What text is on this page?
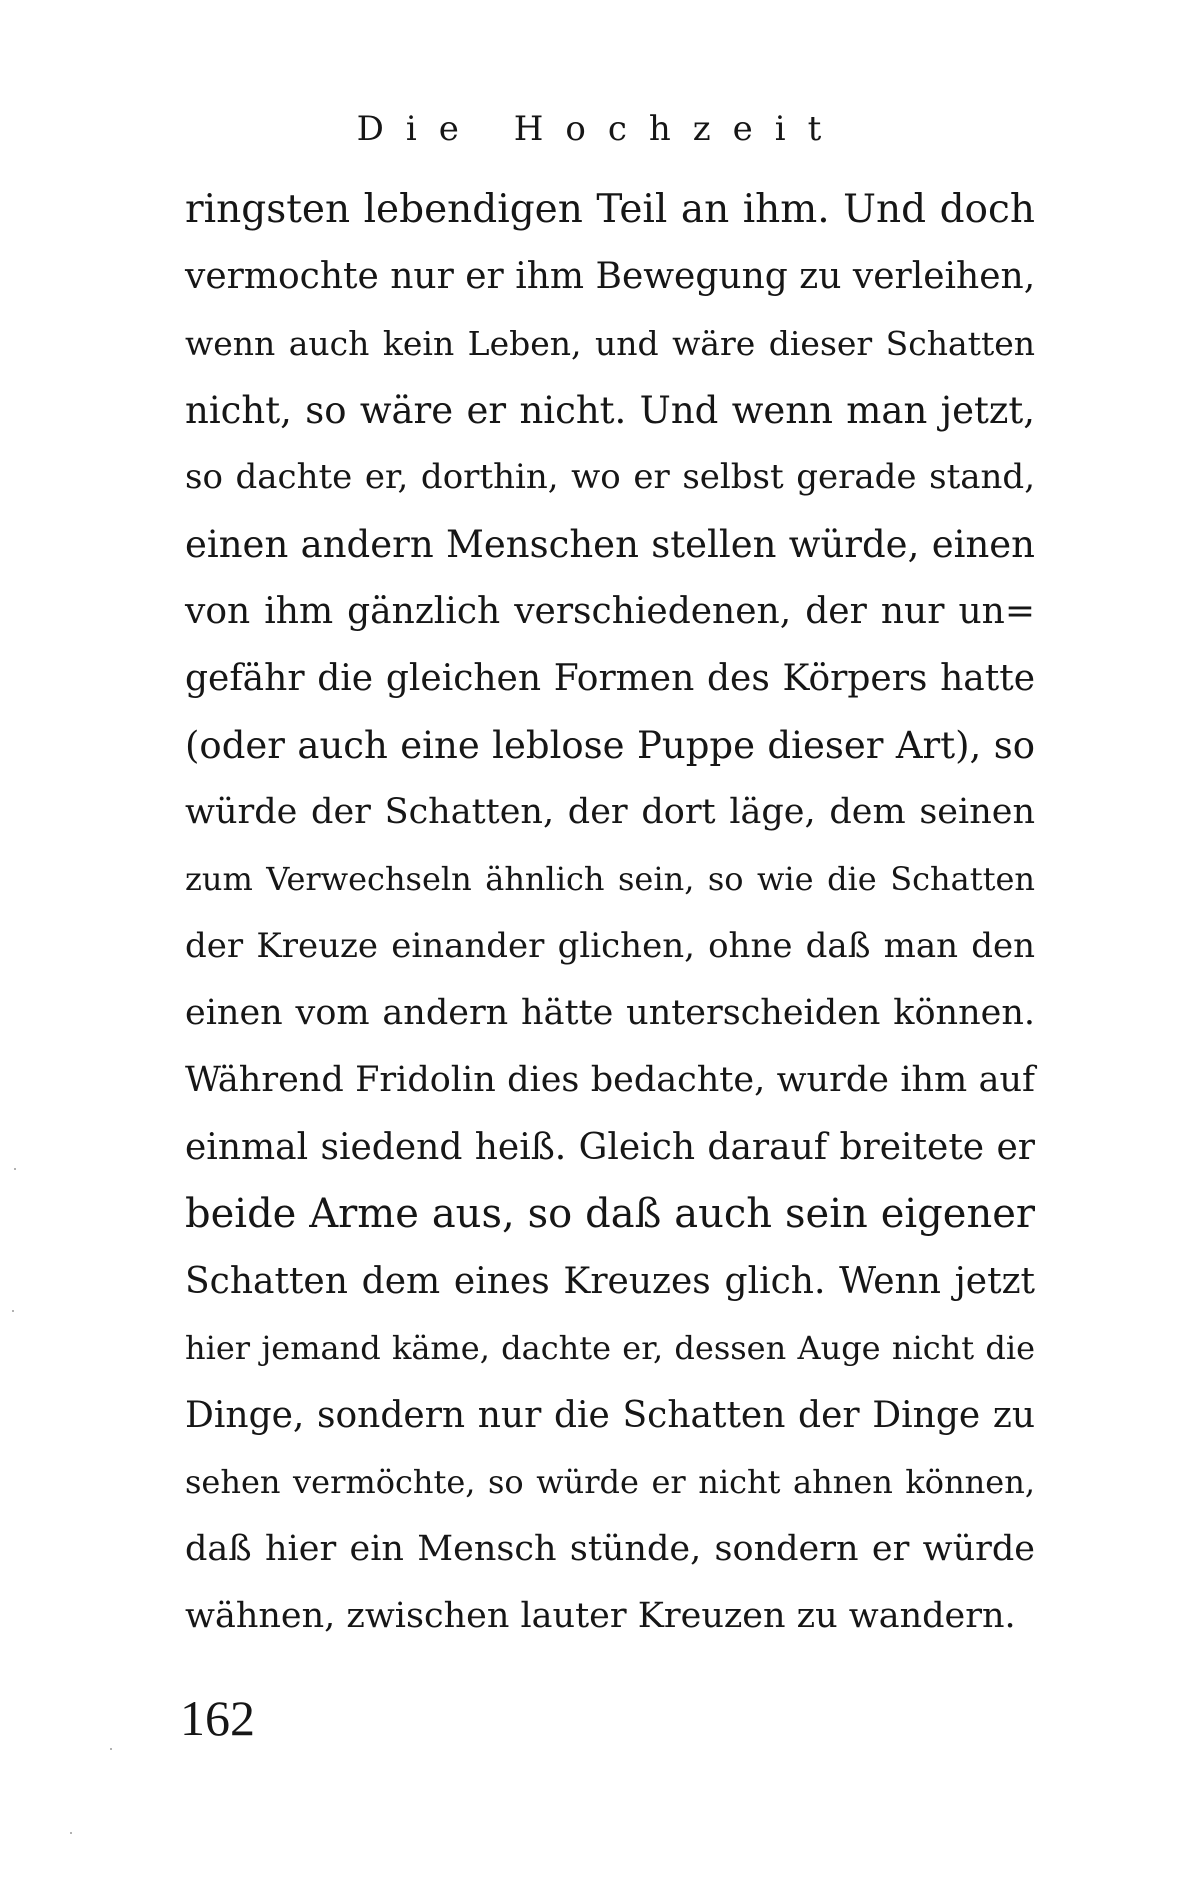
Die Hochzeit
ringsten lebendigen Teil an ihm. Und doch
vermochte nur er ihm Bewegung zu verleihen,
wenn auch kein Leben, und wäre dieser Schatten
nicht, so wäre er nicht. Und wenn man jetzt,
so dachte er, dorthin, wo er selbst gerade stand,
einen andern Menschen stellen würde, einen
von ihm gänzlich verschiedenen, der nur un=
gefähr die gleichen Formen des Körpers hatte
(oder auch eine leblose Puppe dieser Art), so
würde der Schatten, der dort läge, dem seinen
zum Verwechseln ähnlich sein, so wie die Schatten
der Kreuze einander glichen, ohne daß man den
einen vom andern hätte unterscheiden können.
Während Fridolin dies bedachte, wurde ihm auf
einmal siedend heiß. Gleich darauf breitete er
beide Arme aus, so daß auch sein eigener
Schatten dem eines Kreuzes glich. Wenn jetzt
hier jemand käme, dachte er, dessen Auge nicht die
Dinge, sondern nur die Schatten der Dinge zu
sehen vermöchte, so würde er nicht ahnen können,
daß hier ein Mensch stünde, sondern er würde
wähnen, zwischen lauter Kreuzen zu wandern.
162
